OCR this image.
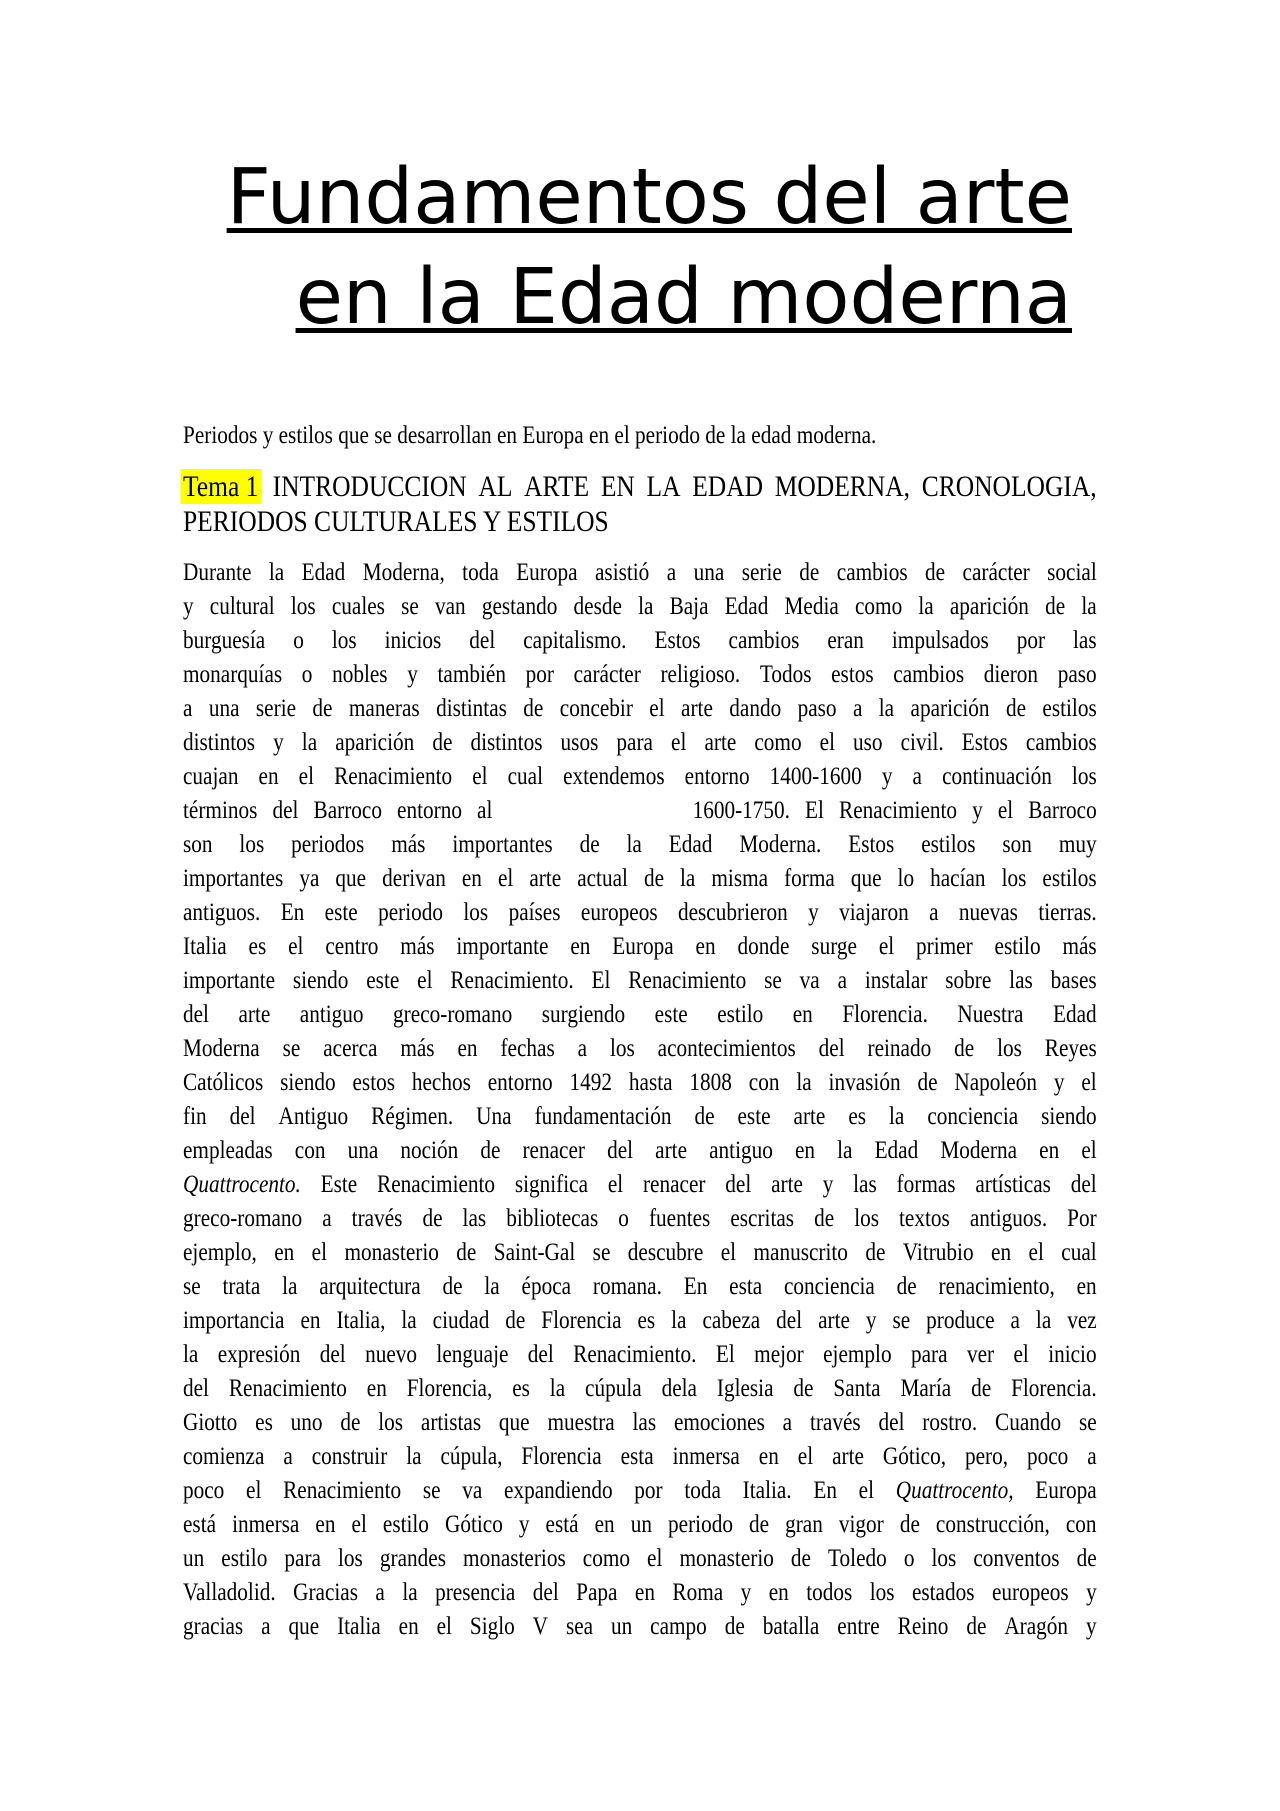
Fundamentos del arte
en la Edad moderna
Periodos y estilos que se desarrollan en Europa en el periodo de la edad moderna.
Tema 1 INTRODUCCION AL ARTE EN LA EDAD MODERNA, CRONOLOGIA,
PERIODOS CULTURALES Y ESTILOS
Durante la Edad Moderna, toda Europa asistió a una serie de cambios de carácter social
y cultural los cuales se van gestando desde la Baja Edad Media como la aparición de la
burguesía o los inicios del capitalismo. Estos cambios eran impulsados por las
monarquías o nobles y también por carácter religioso. Todos estos cambios dieron paso
a una serie de maneras distintas de concebir el arte dando paso a la aparición de estilos
distintos y la aparición de distintos usos para el arte como el uso civil. Estos cambios
cuajan en el Renacimiento el cual extendemos entorno 1400-1600 y a continuación los
términos del Barroco entorno al	1600-1750. El Renacimiento y el Barroco
son los periodos más importantes de la Edad Moderna. Estos estilos son muy
importantes ya que derivan en el arte actual de la misma forma que lo hacían los estilos
antiguos. En este periodo los países europeos descubrieron y viajaron a nuevas tierras.
Italia es el centro más importante en Europa en donde surge el primer estilo más
importante siendo este el Renacimiento. El Renacimiento se va a instalar sobre las bases
del arte antiguo greco-romano surgiendo este estilo en Florencia. Nuestra Edad
Moderna se acerca más en fechas a los acontecimientos del reinado de los Reyes
Católicos siendo estos hechos entorno 1492 hasta 1808 con la invasión de Napoleón y el
fin del Antiguo Régimen. Una fundamentación de este arte es la conciencia siendo
empleadas con una noción de renacer del arte antiguo en la Edad Moderna en el
Quattrocento. Este Renacimiento significa el renacer del arte y las formas artísticas del
greco-romano a través de las bibliotecas o fuentes escritas de los textos antiguos. Por
ejemplo, en el monasterio de Saint-Gal se descubre el manuscrito de Vitrubio en el cual
se trata la arquitectura de la época romana. En esta conciencia de renacimiento, en
importancia en Italia, la ciudad de Florencia es la cabeza del arte y se produce a la vez
la expresión del nuevo lenguaje del Renacimiento. El mejor ejemplo para ver el inicio
del Renacimiento en Florencia, es la cúpula dela Iglesia de Santa María de Florencia.
Giotto es uno de los artistas que muestra las emociones a través del rostro. Cuando se
comienza a construir la cúpula, Florencia esta inmersa en el arte Gótico, pero, poco a
poco el Renacimiento se va expandiendo por toda Italia. En el Quattrocento, Europa
está inmersa en el estilo Gótico y está en un periodo de gran vigor de construcción, con
un estilo para los grandes monasterios como el monasterio de Toledo o los conventos de
Valladolid. Gracias a la presencia del Papa en Roma y en todos los estados europeos y
gracias a que Italia en el Siglo V sea un campo de batalla entre Reino de Aragón y
